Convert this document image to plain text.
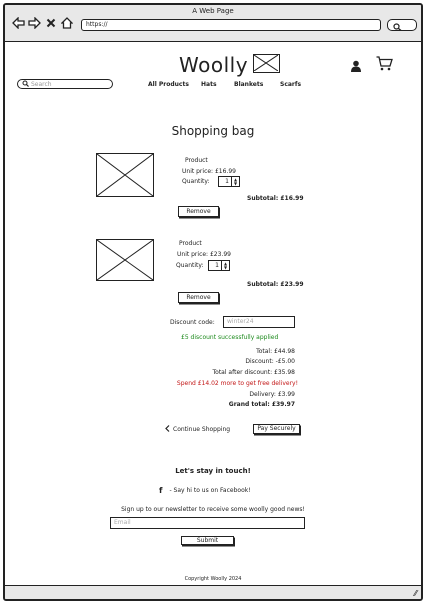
A Web Page
https://
Woolly
Search	All Products Hats	Blankets	Scarfs
Shopping bag
Product
Unit price: £16.99
Quantity:	1	▲
▼
Subtotal: £16.99
Remove
Product
Unit price: £23.99
Quantity:	1	▲
▼
Subtotal: £23.99
Remove
Discount code:	winter24
£5 discount successfully applied
Total: £44.98
Discount: -£5.00
Total after discount: £35.98
Spend £14.02 more to get free delivery!
Delivery: £3.99
Grand total: £39.97
Continue Shopping	Pay Securely
Let's stay in touch!
f - Say hi to us on Facebook!
Sign up to our newsletter to receive some woolly good news!
Email
Submit
Copyright Woolly 2024
⁄⁄
